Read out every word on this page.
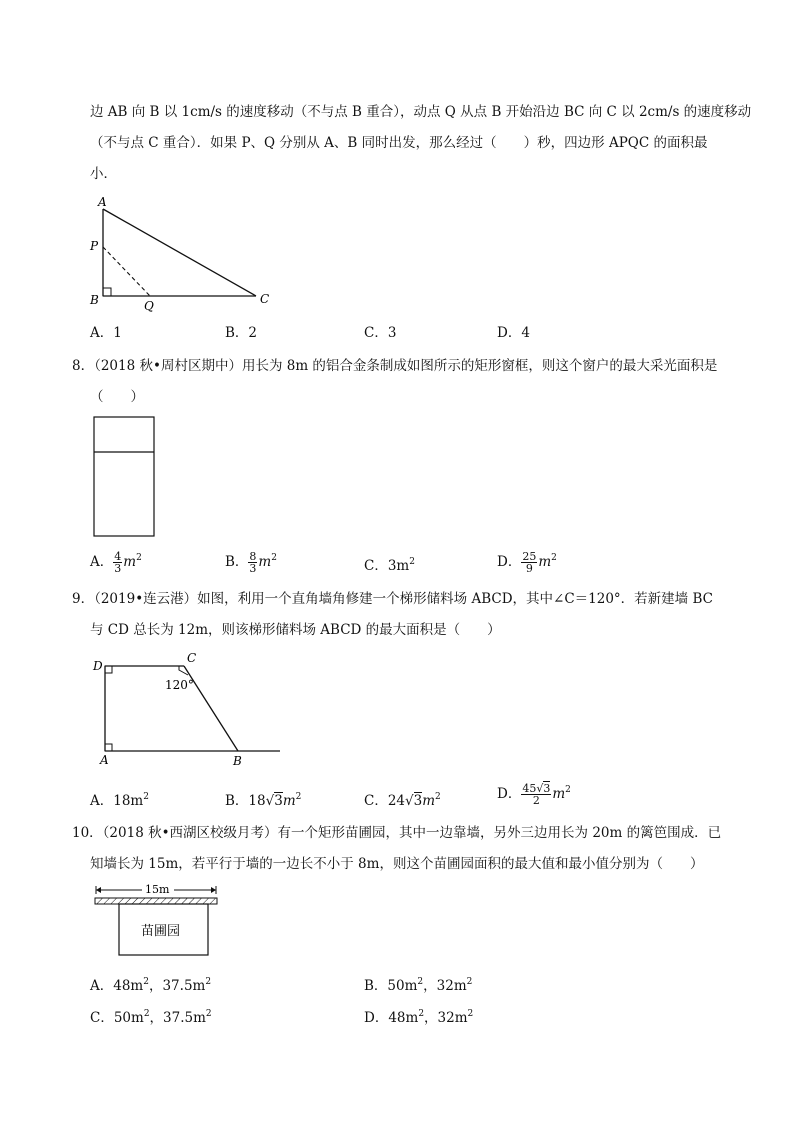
边 AB 向 B 以 1cm/s 的速度移动（不与点 B 重合），动点 Q 从点 B 开始沿边 BC 向 C 以 2cm/s 的速度移动
（不与点 C 重合）．如果 P、Q 分别从 A、B 同时出发，那么经过（　　）秒，四边形 APQC 的面积最
小．
A
P
B	Q	C
A．1	B．2	C．3	D．4
8．（2018 秋•周村区期中）用长为 8m 的铝合金条制成如图所示的矩形窗框，则这个窗户的最大采光面积是
（　　）
A． $\frac{4}{3} m^2$	B． $\frac{8}{3} m^2$	C．$3m^2$	D． $\frac{25}{9} m^2$
9．（2019•连云港）如图，利用一个直角墙角修建一个梯形储料场 ABCD，其中∠C＝120°．若新建墙 BC
与 CD 总长为 12m，则该梯形储料场 ABCD 的最大面积是（　　）
D
C
120°
A	B
A．$18m^2$	B．$18√3m^2$	C．$24√3m^2$	D． $\frac{45√3}{2} m^2$
10．（2018 秋•西湖区校级月考）有一个矩形苗圃园，其中一边靠墙，另外三边用长为 20m 的篱笆围成．已
知墙长为 15m，若平行于墙的一边长不小于 8m，则这个苗圃园面积的最大值和最小值分别为（　　）
15m
苗圃园
A．$48m^2$，$37.5m^2$	B．$50m^2$，$32m^2$
C．$50m^2$，$37.5m^2$	D．$48m^2$，$32m^2$
